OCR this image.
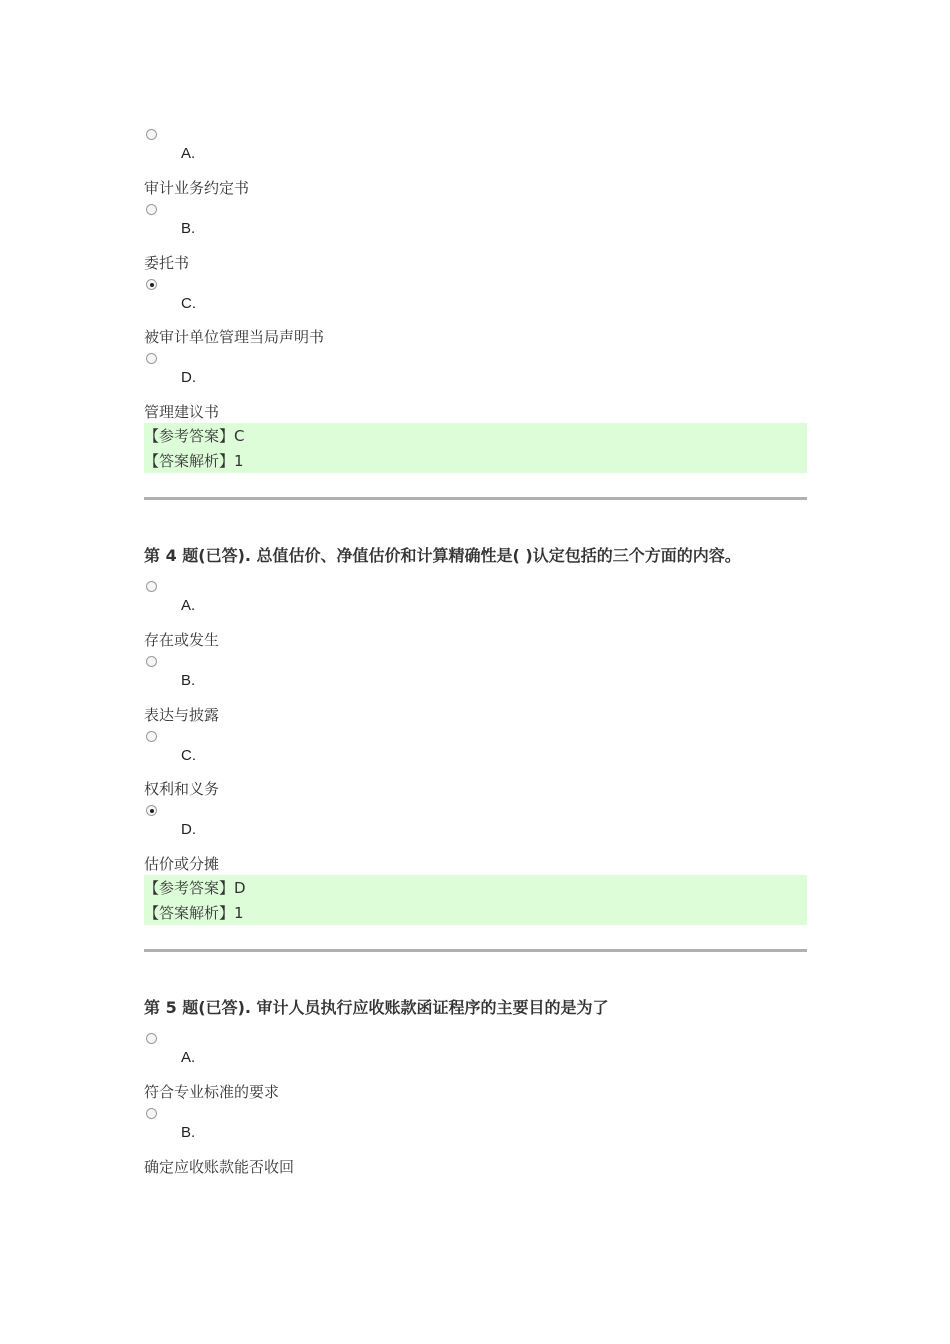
A.
审计业务约定书
B.
委托书
C.
被审计单位管理当局声明书
D.
管理建议书
【参考答案】C
【答案解析】1
第 4 题(已答). 总值估价、净值估价和计算精确性是( )认定包括的三个方面的内容。
A.
存在或发生
B.
表达与披露
C.
权利和义务
D.
估价或分摊
【参考答案】D
【答案解析】1
第 5 题(已答). 审计人员执行应收账款函证程序的主要目的是为了
A.
符合专业标准的要求
B.
确定应收账款能否收回
